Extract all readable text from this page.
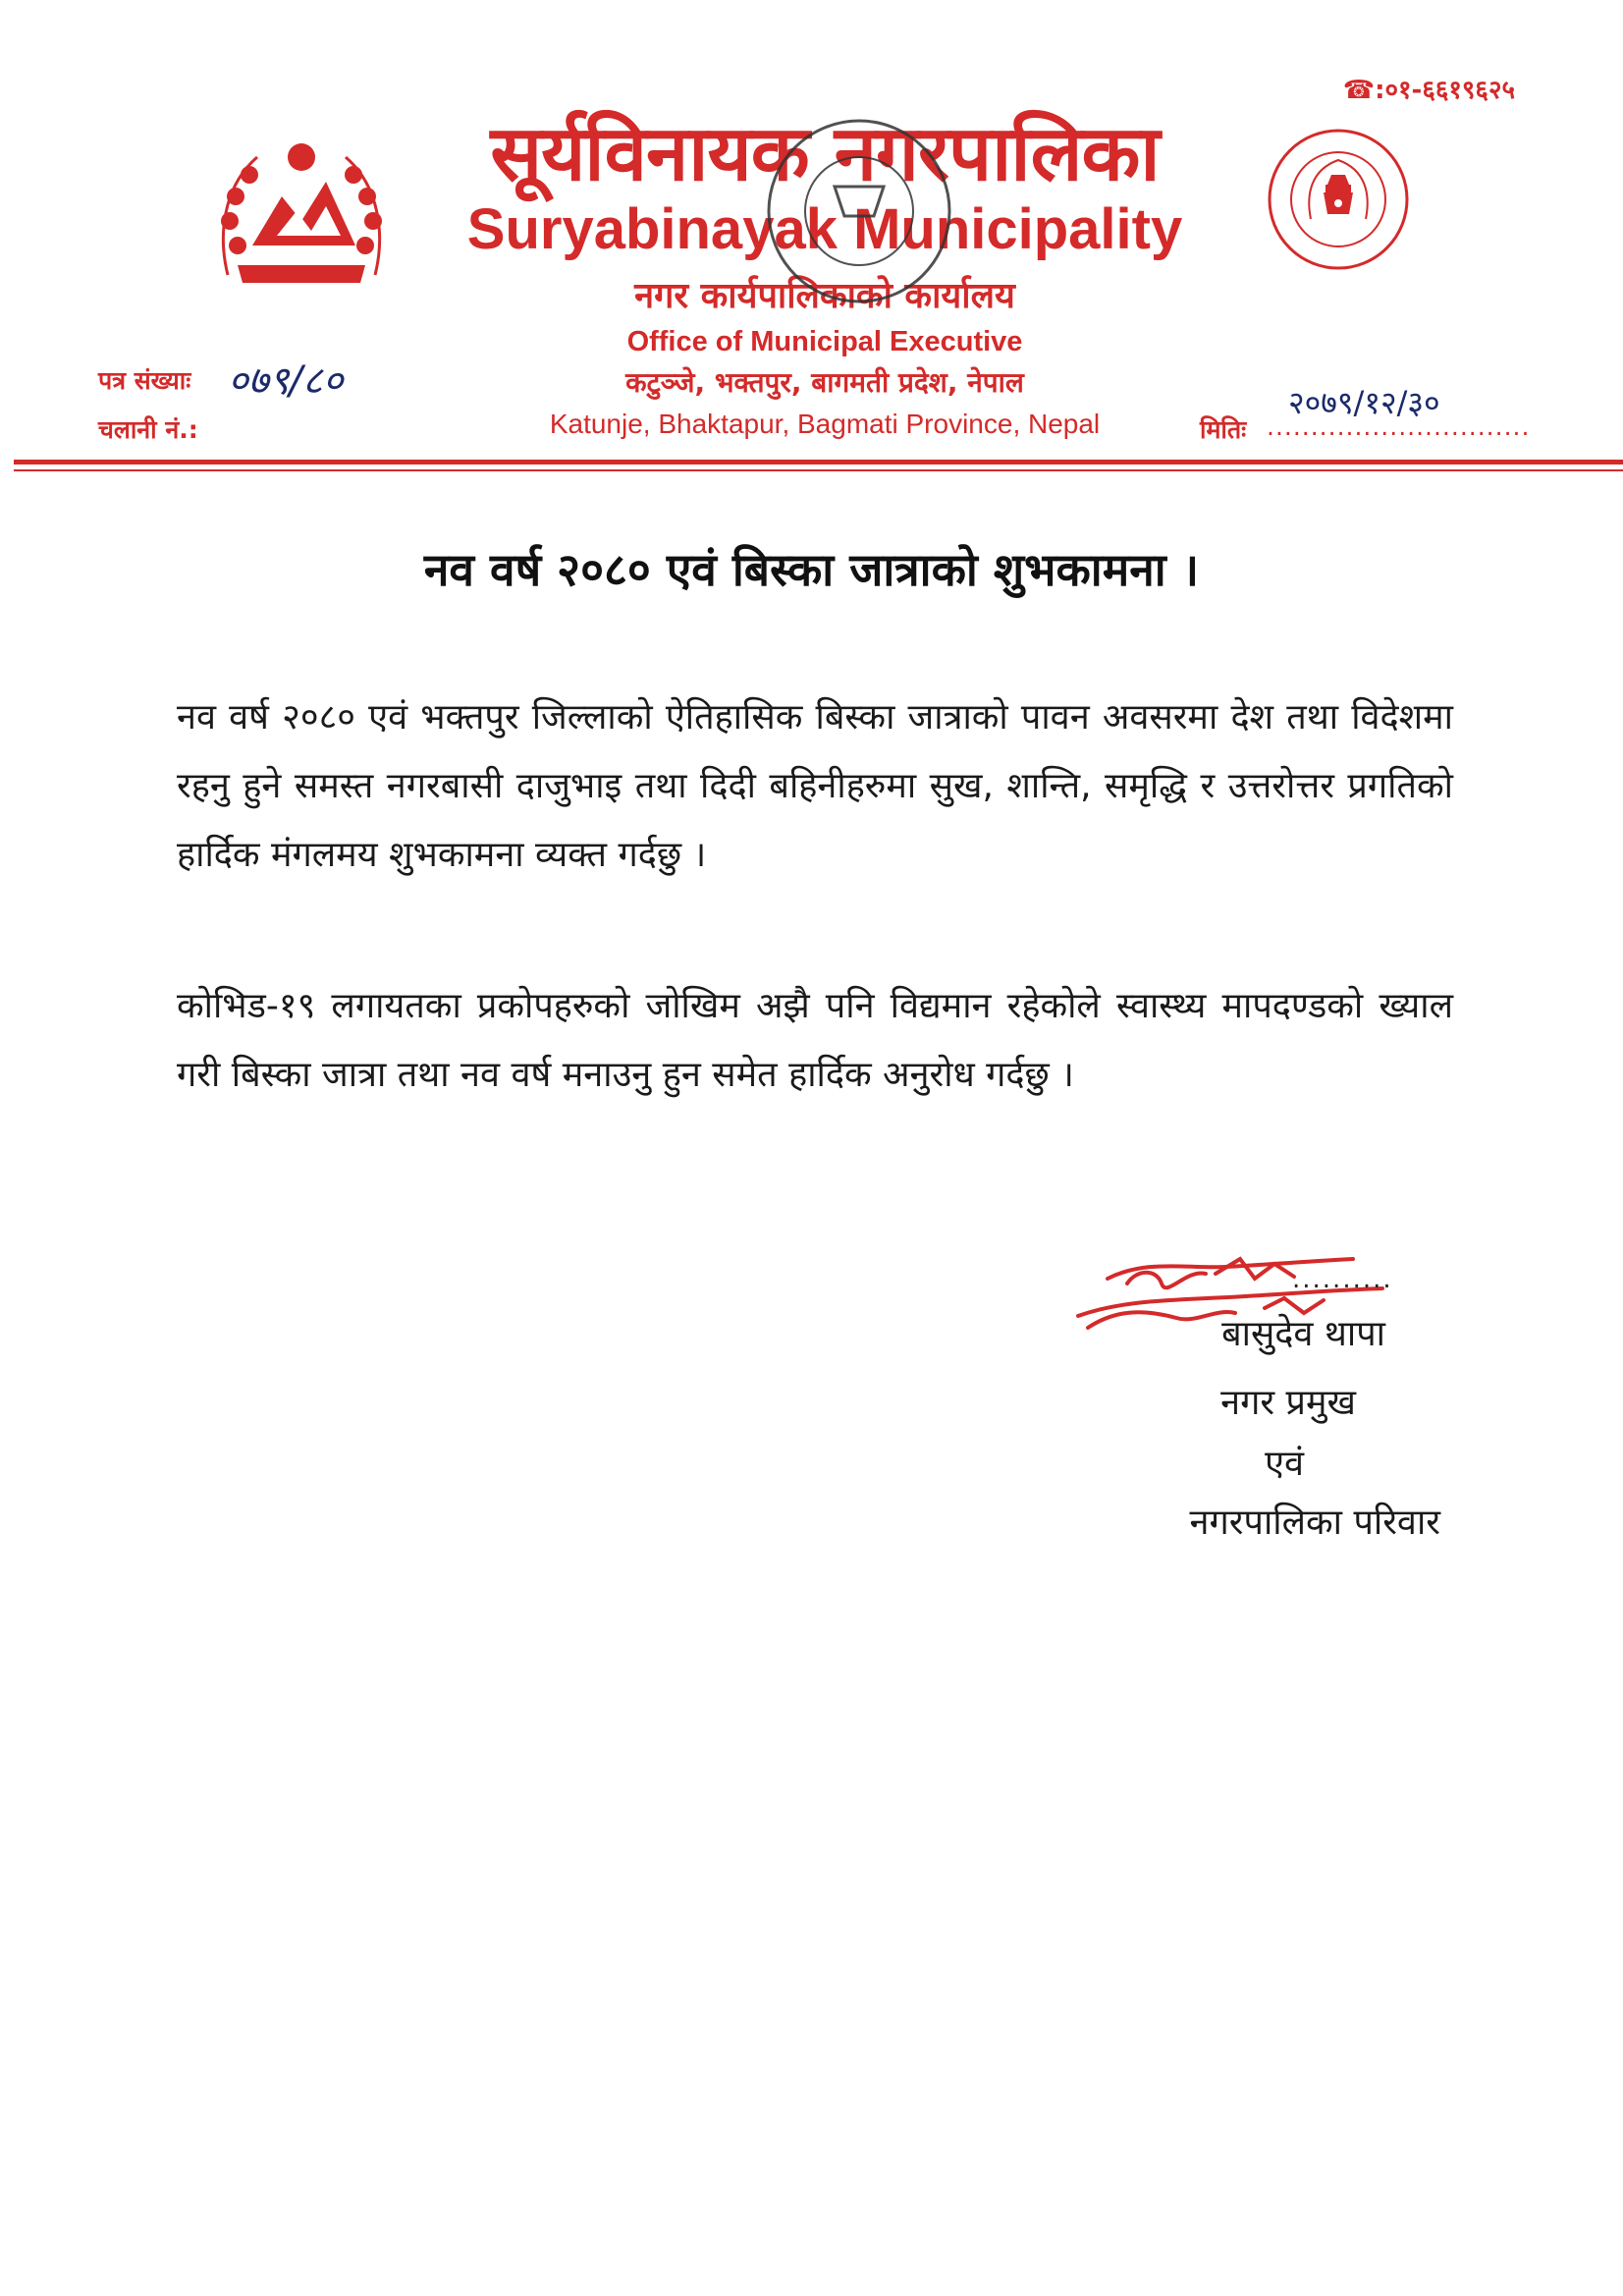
☎:०१-६६१९६२५
सूर्यविनायक नगरपालिका
Suryabinayak Municipality
नगर कार्यपालिकाको कार्यालय
Office of Municipal Executive
कटुञ्जे, भक्तपुर, बागमती प्रदेश, नेपाल
Katunje, Bhaktapur, Bagmati Province, Nepal
पत्र संख्याः ०७९/८०
चलानी नं.:
२०७९/१२/३०
मितिः ..............................
नव वर्ष २०८० एवं बिस्का जात्राको शुभकामना ।
नव वर्ष २०८० एवं भक्तपुर जिल्लाको ऐतिहासिक बिस्का जात्राको पावन अवसरमा देश तथा विदेशमा रहनु हुने समस्त नगरबासी दाजुभाइ तथा दिदी बहिनीहरुमा सुख, शान्ति, समृद्धि र उत्तरोत्तर प्रगतिको हार्दिक मंगलमय शुभकामना व्यक्त गर्दछु ।
कोभिड-१९ लगायतका प्रकोपहरुको जोखिम अझै पनि विद्यमान रहेकोले स्वास्थ्य मापदण्डको ख्याल गरी बिस्का जात्रा तथा नव वर्ष मनाउनु हुन समेत हार्दिक अनुरोध गर्दछु ।
..........
बासुदेव थापा
नगर प्रमुख
एवं
नगरपालिका परिवार
